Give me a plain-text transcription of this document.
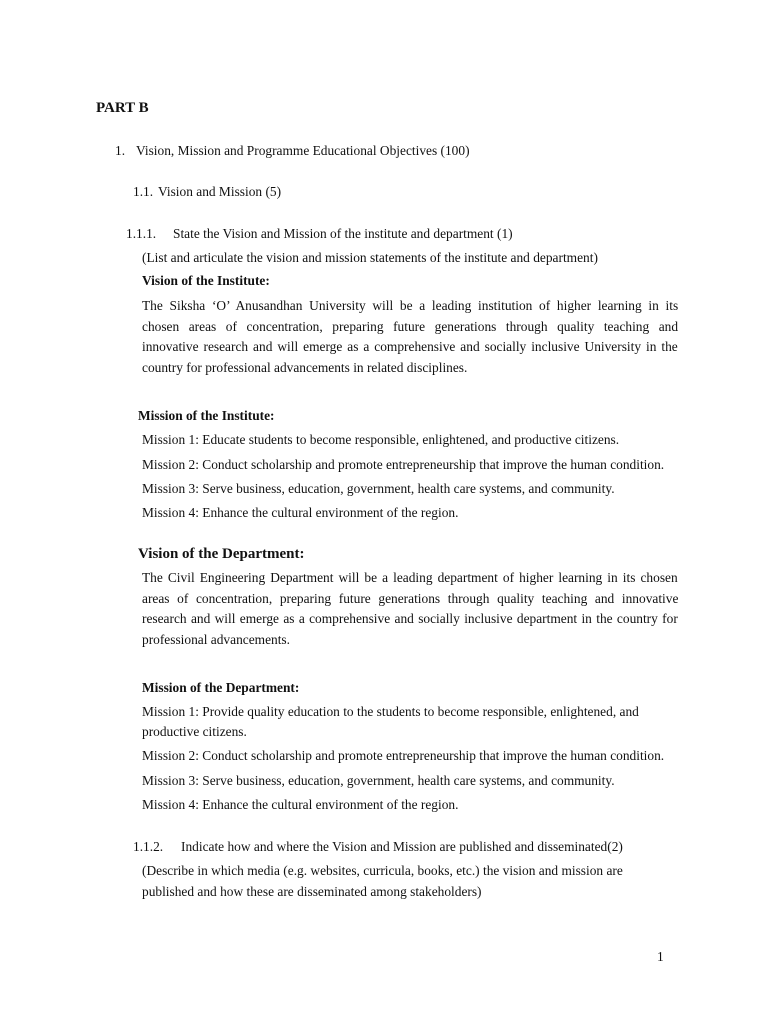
PART B
1. Vision, Mission and Programme Educational Objectives (100)
1.1. Vision and Mission (5)
1.1.1. State the Vision and Mission of the institute and department (1)
(List and articulate the vision and mission statements of the institute and department)
Vision of the Institute:
The Siksha ‘O’ Anusandhan University will be a leading institution of higher learning in its
chosen areas of concentration, preparing future generations through quality teaching and
innovative research and will emerge as a comprehensive and socially inclusive University in the
country for professional advancements in related disciplines.
Mission of the Institute:
Mission 1: Educate students to become responsible, enlightened, and productive citizens.
Mission 2: Conduct scholarship and promote entrepreneurship that improve the human condition.
Mission 3: Serve business, education, government, health care systems, and community.
Mission 4: Enhance the cultural environment of the region.
Vision of the Department:
The Civil Engineering Department will be a leading department of higher learning in its chosen
areas of concentration, preparing future generations through quality teaching and innovative
research and will emerge as a comprehensive and socially inclusive department in the country for
professional advancements.
Mission of the Department:
Mission 1: Provide quality education to the students to become responsible, enlightened, and
productive citizens.
Mission 2: Conduct scholarship and promote entrepreneurship that improve the human condition.
Mission 3: Serve business, education, government, health care systems, and community.
Mission 4: Enhance the cultural environment of the region.
1.1.2. Indicate how and where the Vision and Mission are published and disseminated(2)
(Describe in which media (e.g. websites, curricula, books, etc.) the vision and mission are
published and how these are disseminated among stakeholders)
1
